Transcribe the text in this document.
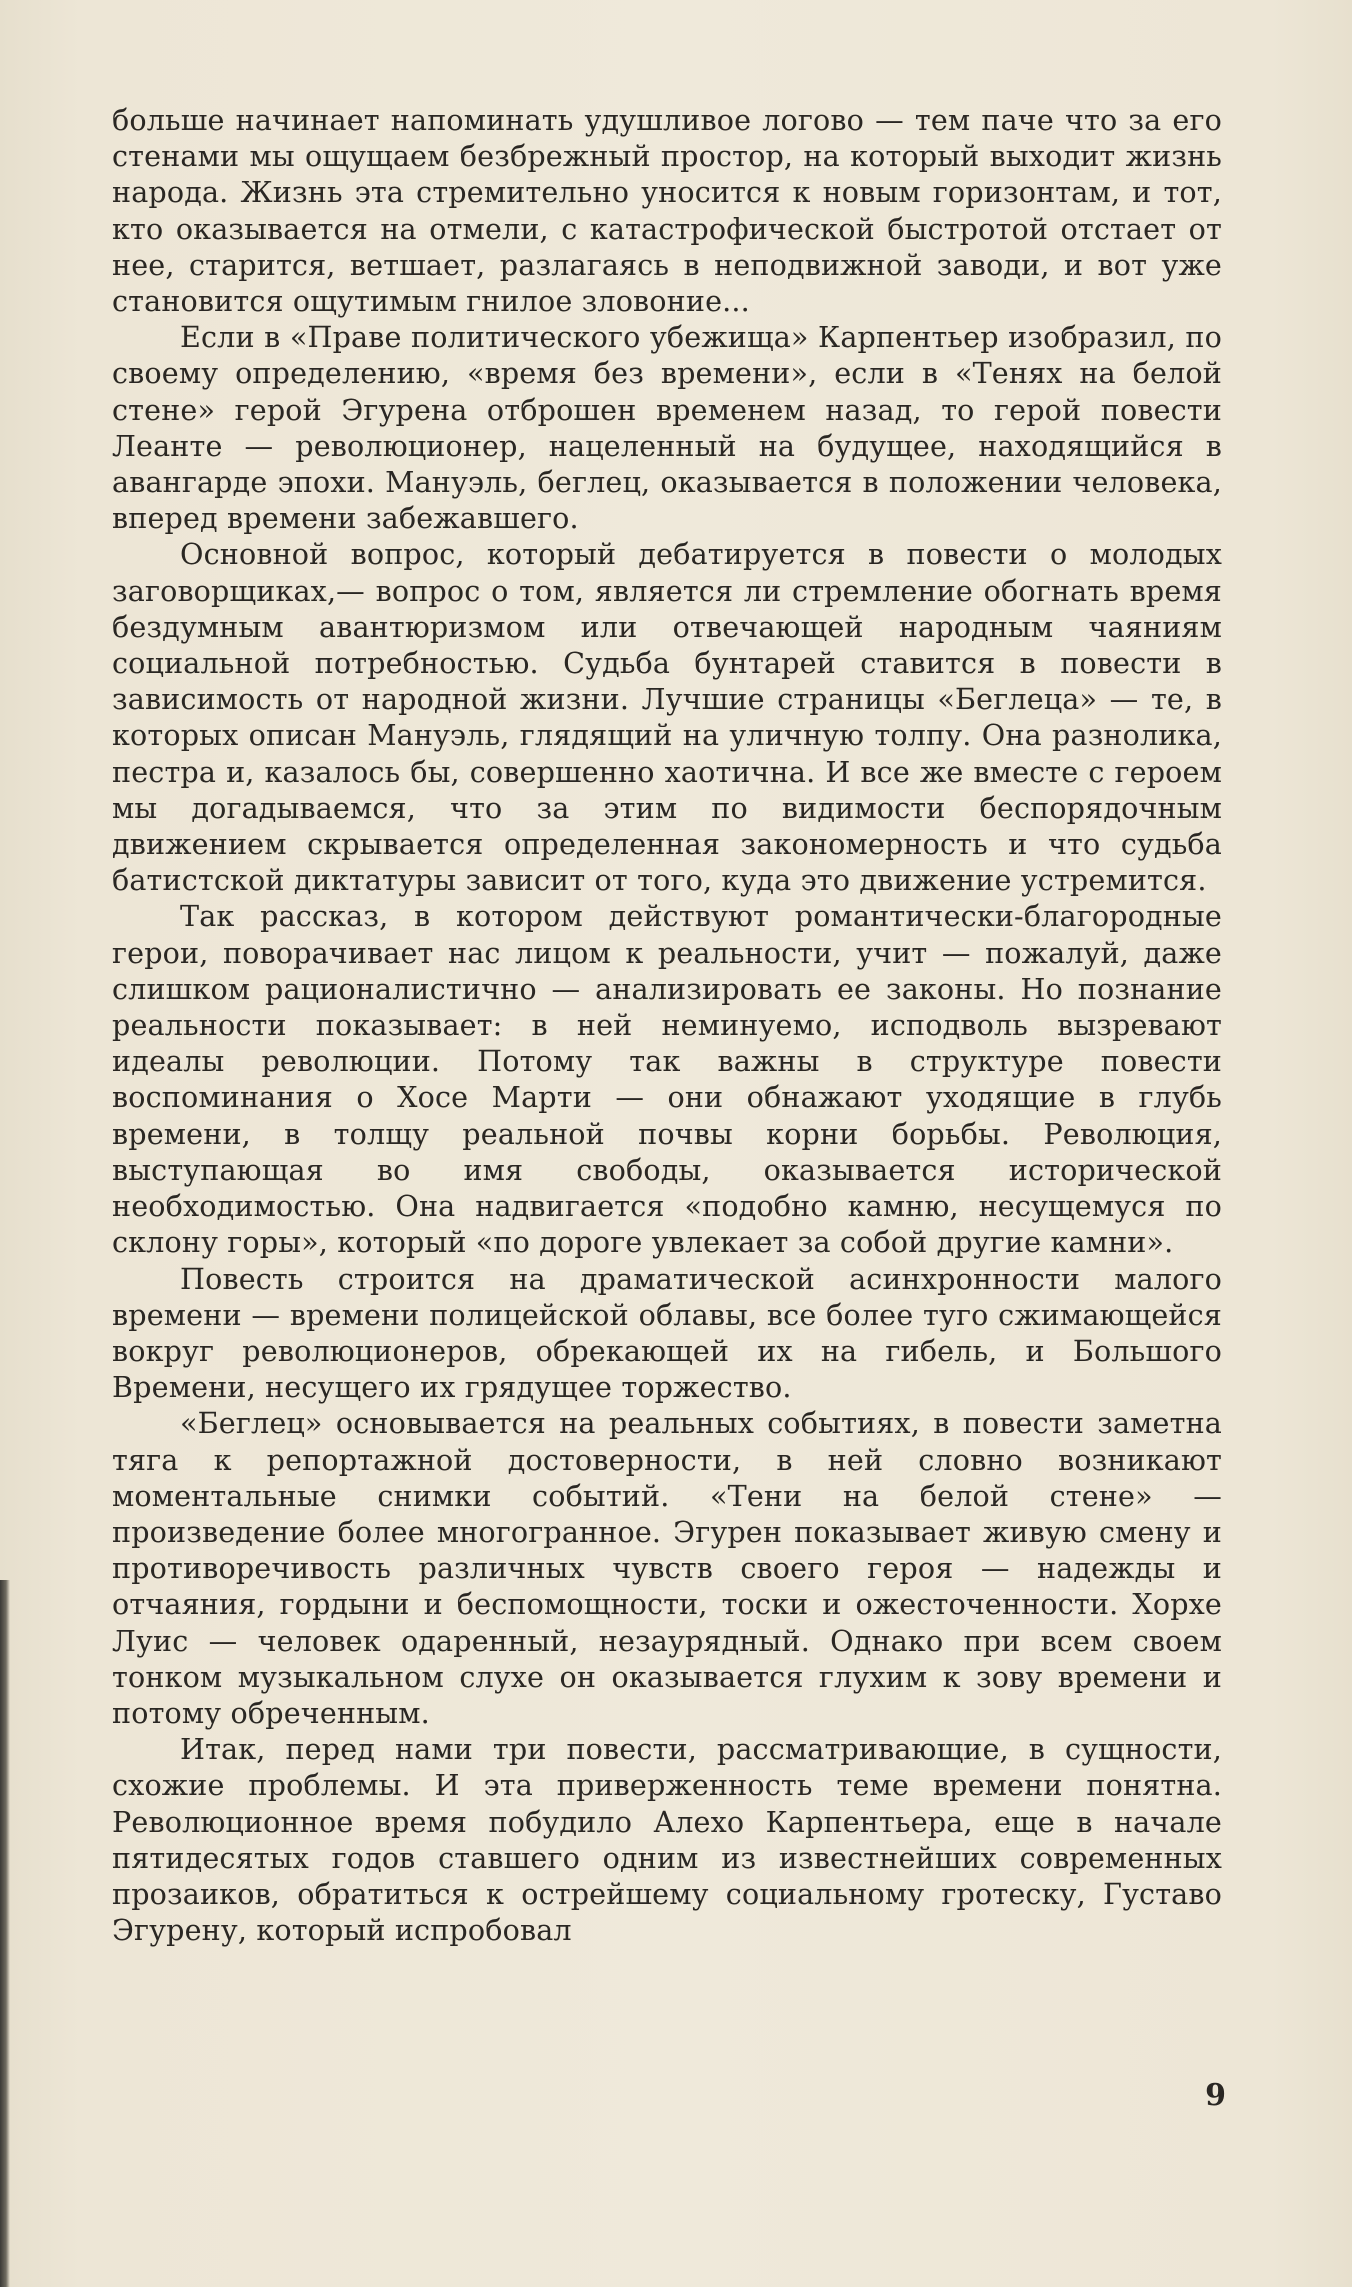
больше начинает напоминать удушливое логово — тем паче что за его стенами мы ощущаем безбрежный простор, на который выходит жизнь народа. Жизнь эта стремительно уносится к новым горизонтам, и тот, кто оказывается на отмели, с катастрофической быстротой отстает от нее, старится, ветшает, разлагаясь в неподвижной заводи, и вот уже становится ощутимым гнилое зловоние...

Если в «Праве политического убежища» Карпентьер изобразил, по своему определению, «время без времени», если в «Тенях на белой стене» герой Эгурена отброшен временем назад, то герой повести Леанте — революционер, нацеленный на будущее, находящийся в авангарде эпохи. Мануэль, беглец, оказывается в положении человека, вперед времени забежавшего.

Основной вопрос, который дебатируется в повести о молодых заговорщиках,— вопрос о том, является ли стремление обогнать время бездумным авантюризмом или отвечающей народным чаяниям социальной потребностью. Судьба бунтарей ставится в повести в зависимость от народной жизни. Лучшие страницы «Беглеца» — те, в которых описан Мануэль, глядящий на уличную толпу. Она разнолика, пестра и, казалось бы, совершенно хаотична. И все же вместе с героем мы догадываемся, что за этим по видимости беспорядочным движением скрывается определенная закономерность и что судьба батистской диктатуры зависит от того, куда это движение устремится.

Так рассказ, в котором действуют романтически-благородные герои, поворачивает нас лицом к реальности, учит — пожалуй, даже слишком рационалистично — анализировать ее законы. Но познание реальности показывает: в ней неминуемо, исподволь вызревают идеалы революции. Потому так важны в структуре повести воспоминания о Хосе Марти — они обнажают уходящие в глубь времени, в толщу реальной почвы корни борьбы. Революция, выступающая во имя свободы, оказывается исторической необходимостью. Она надвигается «подобно камню, несущемуся по склону горы», который «по дороге увлекает за собой другие камни».

Повесть строится на драматической асинхронности малого времени — времени полицейской облавы, все более туго сжимающейся вокруг революционеров, обрекающей их на гибель, и Большого Времени, несущего их грядущее торжество.

«Беглец» основывается на реальных событиях, в повести заметна тяга к репортажной достоверности, в ней словно возникают моментальные снимки событий. «Тени на белой стене» — произведение более многогранное. Эгурен показывает живую смену и противоречивость различных чувств своего героя — надежды и отчаяния, гордыни и беспомощности, тоски и ожесточенности. Хорхе Луис — человек одаренный, незаурядный. Однако при всем своем тонком музыкальном слухе он оказывается глухим к зову времени и потому обреченным.

Итак, перед нами три повести, рассматривающие, в сущности, схожие проблемы. И эта приверженность теме времени понятна. Революционное время побудило Алехо Карпентьера, еще в начале пятидесятых годов ставшего одним из известнейших современных прозаиков, обратиться к острейшему социальному гротеску, Густаво Эгурену, который испробовал

9
